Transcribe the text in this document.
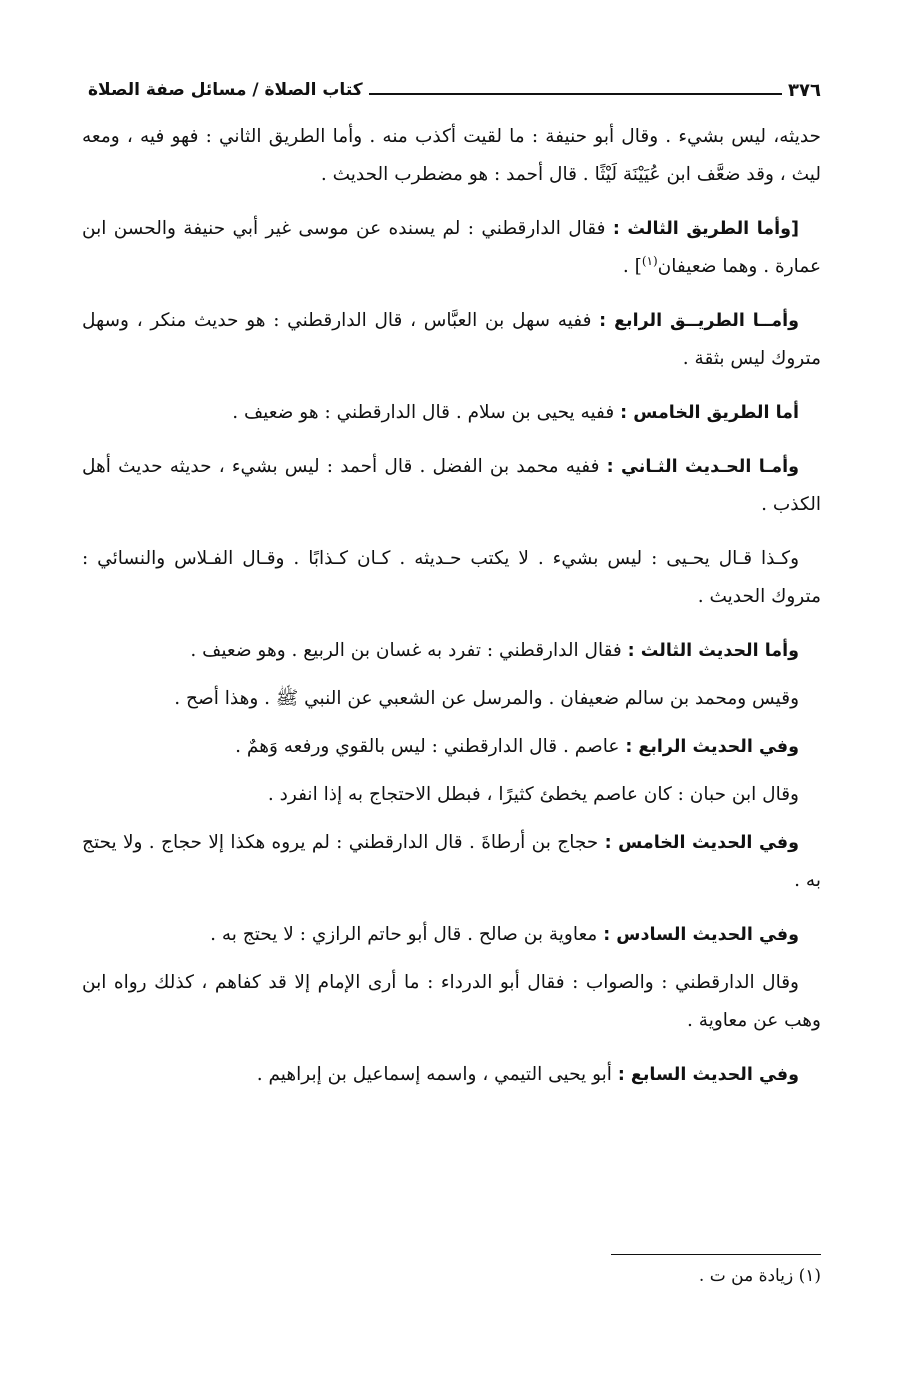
٣٧٦
كتاب الصلاة / مسائل صفة الصلاة

حديثه، ليس بشيء . وقال أبو حنيفة : ما لقيت أكذب منه . وأما الطريق الثاني : فهو فيه ، ومعه ليث ، وقد ضعَّف ابن عُيَيْنَة لَيْثًا . قال أحمد : هو مضطرب الحديث .

[وأما الطريق الثالث : فقال الدارقطني : لم يسنده عن موسى غير أبي حنيفة والحسن ابن عمارة . وهما ضعيفان$^{(١)}$] .

وأمــا الطريــق الرابع : ففيه سهل بن العبَّاس ، قال الدارقطني : هو حديث منكر ، وسهل متروك ليس بثقة .

أما الطريق الخامس : ففيه يحيى بن سلام . قال الدارقطني : هو ضعيف .

وأمـا الحـديث الثـاني : ففيه محمد بن الفضل . قال أحمد : ليس بشيء ، حديثه حديث أهل الكذب .

وكـذا قـال يحـيى : ليس بشيء . لا يكتب حـديثه . كـان كـذابًا . وقـال الفـلاس والنسائي : متروك الحديث .

وأما الحديث الثالث : فقال الدارقطني : تفرد به غسان بن الربيع . وهو ضعيف .

وقيس ومحمد بن سالم ضعيفان . والمرسل عن الشعبي عن النبي ﷺ . وهذا أصح .

وفي الحديث الرابع : عاصم . قال الدارقطني : ليس بالقوي ورفعه وَهمٌ .

وقال ابن حبان : كان عاصم يخطئ كثيرًا ، فبطل الاحتجاج به إذا انفرد .

وفي الحديث الخامس : حجاج بن أرطاةَ . قال الدارقطني : لم يروه هكذا إلا حجاج . ولا يحتج به .

وفي الحديث السادس : معاوية بن صالح . قال أبو حاتم الرازي : لا يحتج به .

وقال الدارقطني : والصواب : فقال أبو الدرداء : ما أرى الإمام إلا قد كفاهم ، كذلك رواه ابن وهب عن معاوية .

وفي الحديث السابع : أبو يحيى التيمي ، واسمه إسماعيل بن إبراهيم .

(١) زيادة من ت .
